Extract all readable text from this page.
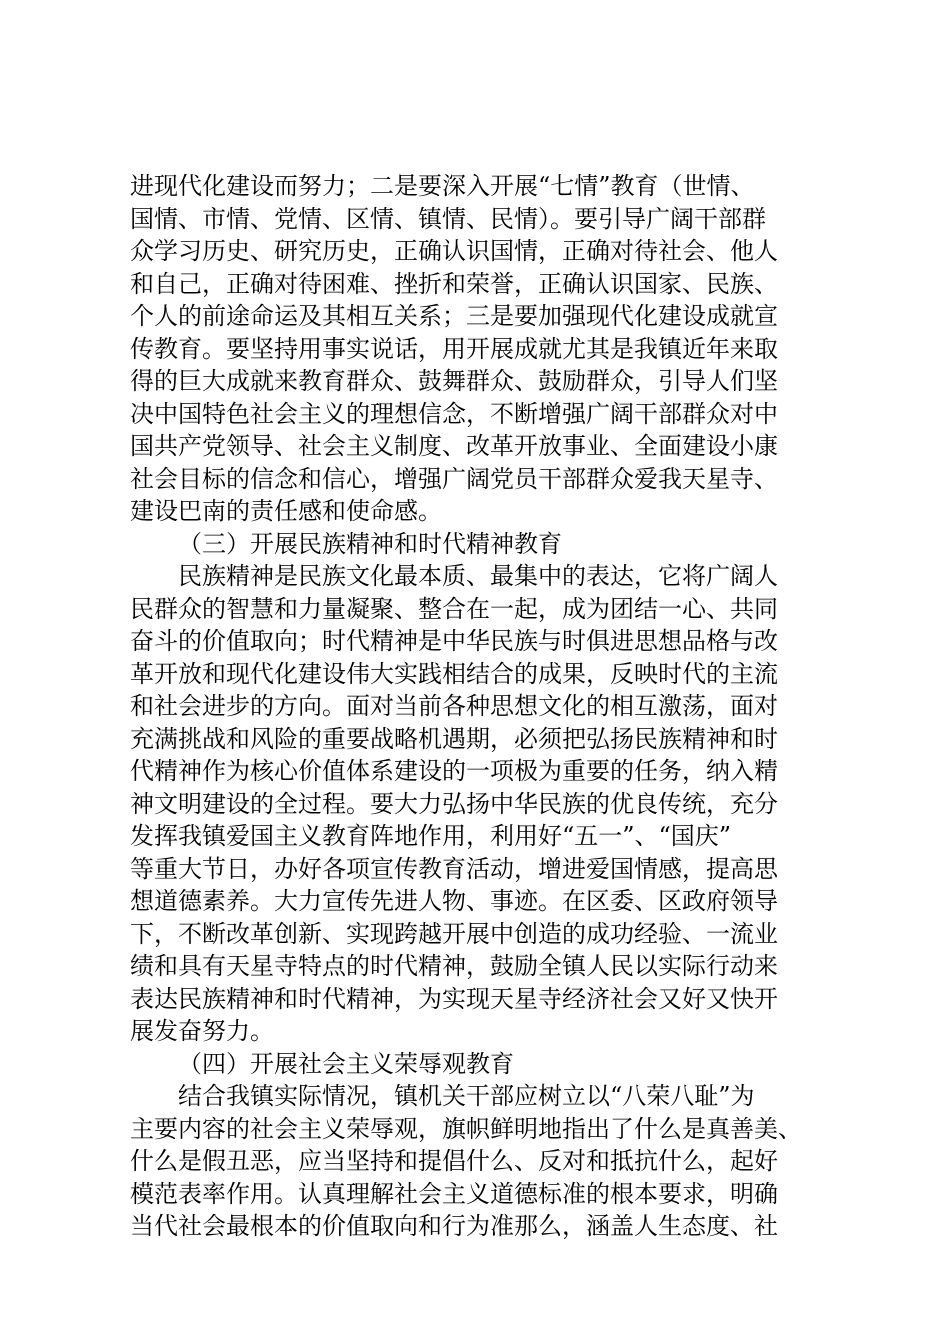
进现代化建设而努力；二是要深入开展“七情”教育（世情、
国情、市情、党情、区情、镇情、民情）。要引导广阔干部群
众学习历史、研究历史，正确认识国情，正确对待社会、他人
和自己，正确对待困难、挫折和荣誉，正确认识国家、民族、
个人的前途命运及其相互关系；三是要加强现代化建设成就宣
传教育。要坚持用事实说话，用开展成就尤其是我镇近年来取
得的巨大成就来教育群众、鼓舞群众、鼓励群众，引导人们坚
决中国特色社会主义的理想信念，不断增强广阔干部群众对中
国共产党领导、社会主义制度、改革开放事业、全面建设小康
社会目标的信念和信心，增强广阔党员干部群众爱我天星寺、
建设巴南的责任感和使命感。
（三）开展民族精神和时代精神教育
民族精神是民族文化最本质、最集中的表达，它将广阔人
民群众的智慧和力量凝聚、整合在一起，成为团结一心、共同
奋斗的价值取向；时代精神是中华民族与时俱进思想品格与改
革开放和现代化建设伟大实践相结合的成果，反映时代的主流
和社会进步的方向。面对当前各种思想文化的相互激荡，面对
充满挑战和风险的重要战略机遇期，必须把弘扬民族精神和时
代精神作为核心价值体系建设的一项极为重要的任务，纳入精
神文明建设的全过程。要大力弘扬中华民族的优良传统，充分
发挥我镇爱国主义教育阵地作用，利用好“五一”、“国庆”
等重大节日，办好各项宣传教育活动，增进爱国情感，提高思
想道德素养。大力宣传先进人物、事迹。在区委、区政府领导
下，不断改革创新、实现跨越开展中创造的成功经验、一流业
绩和具有天星寺特点的时代精神，鼓励全镇人民以实际行动来
表达民族精神和时代精神，为实现天星寺经济社会又好又快开
展发奋努力。
（四）开展社会主义荣辱观教育
结合我镇实际情况，镇机关干部应树立以“八荣八耻”为
主要内容的社会主义荣辱观，旗帜鲜明地指出了什么是真善美、
什么是假丑恶，应当坚持和提倡什么、反对和抵抗什么，起好
模范表率作用。认真理解社会主义道德标准的根本要求，明确
当代社会最根本的价值取向和行为准那么，涵盖人生态度、社
